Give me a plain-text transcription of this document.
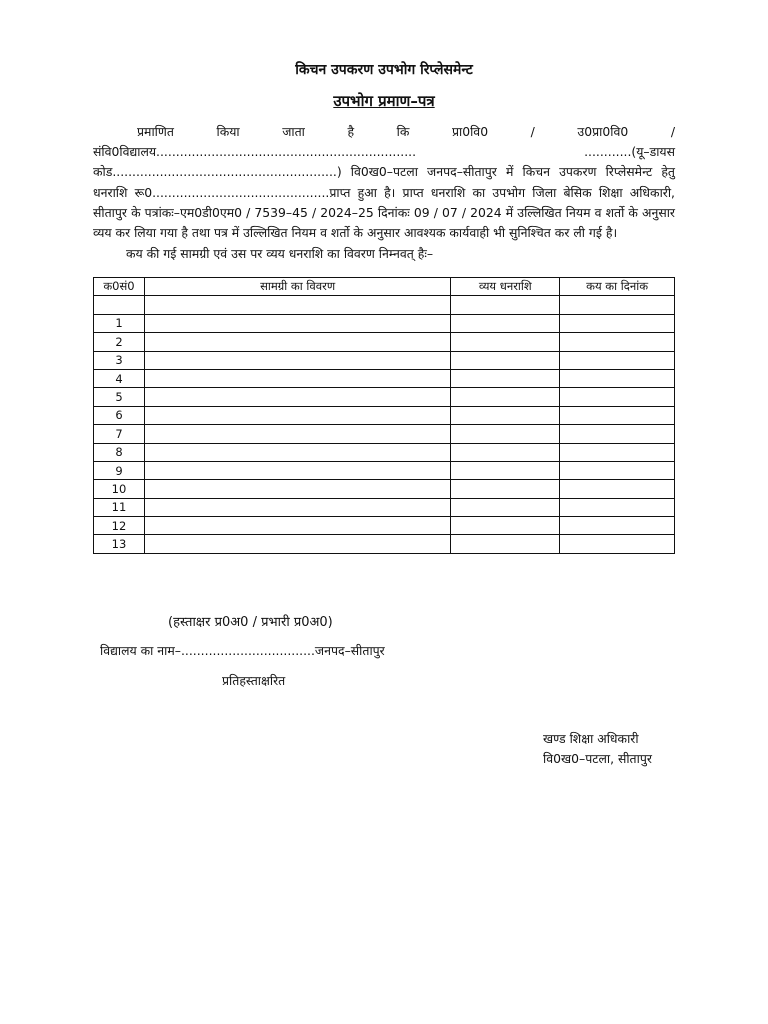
किचन उपकरण उपभोग रिप्लेसमेन्ट
उपभोग प्रमाण–पत्र
प्रमाणित किया जाता है कि प्रा0वि0 / उ0प्रा0वि0 / संवि0विद्यालय.................................................................. ............(यू–डायस कोड.........................................................) वि0ख0–पटला जनपद–सीतापुर में किचन उपकरण रिप्लेसमेन्ट हेतु धनराशि रू0.............................................प्राप्त हुआ है। प्राप्त धनराशि का उपभोग जिला बेसिक शिक्षा अधिकारी, सीतापुर के पत्रांकः–एम0डी0एम0 / 7539–45 / 2024–25 दिनांकः 09 / 07 / 2024 में उल्लिखित नियम व शर्तो के अनुसार व्यय कर लिया गया है तथा पत्र में उल्लिखित नियम व शर्तो के अनुसार आवश्यक कार्यवाही भी सुनिश्चित कर ली गई है।
कय की गई सामग्री एवं उस पर व्यय धनराशि का विवरण निम्नवत् हैः–
क0सं0	सामग्री का विवरण	व्यय धनराशि	कय का दिनांक

1			
2			
3			
4			
5			
6			
7			
8			
9			
10			
11			
12			
13			
(हस्ताक्षर प्र0अ0 / प्रभारी प्र0अ0)
विद्यालय का नाम–..................................जनपद–सीतापुर
प्रतिहस्ताक्षरित
खण्ड शिक्षा अधिकारी
वि0ख0–पटला, सीतापुर
